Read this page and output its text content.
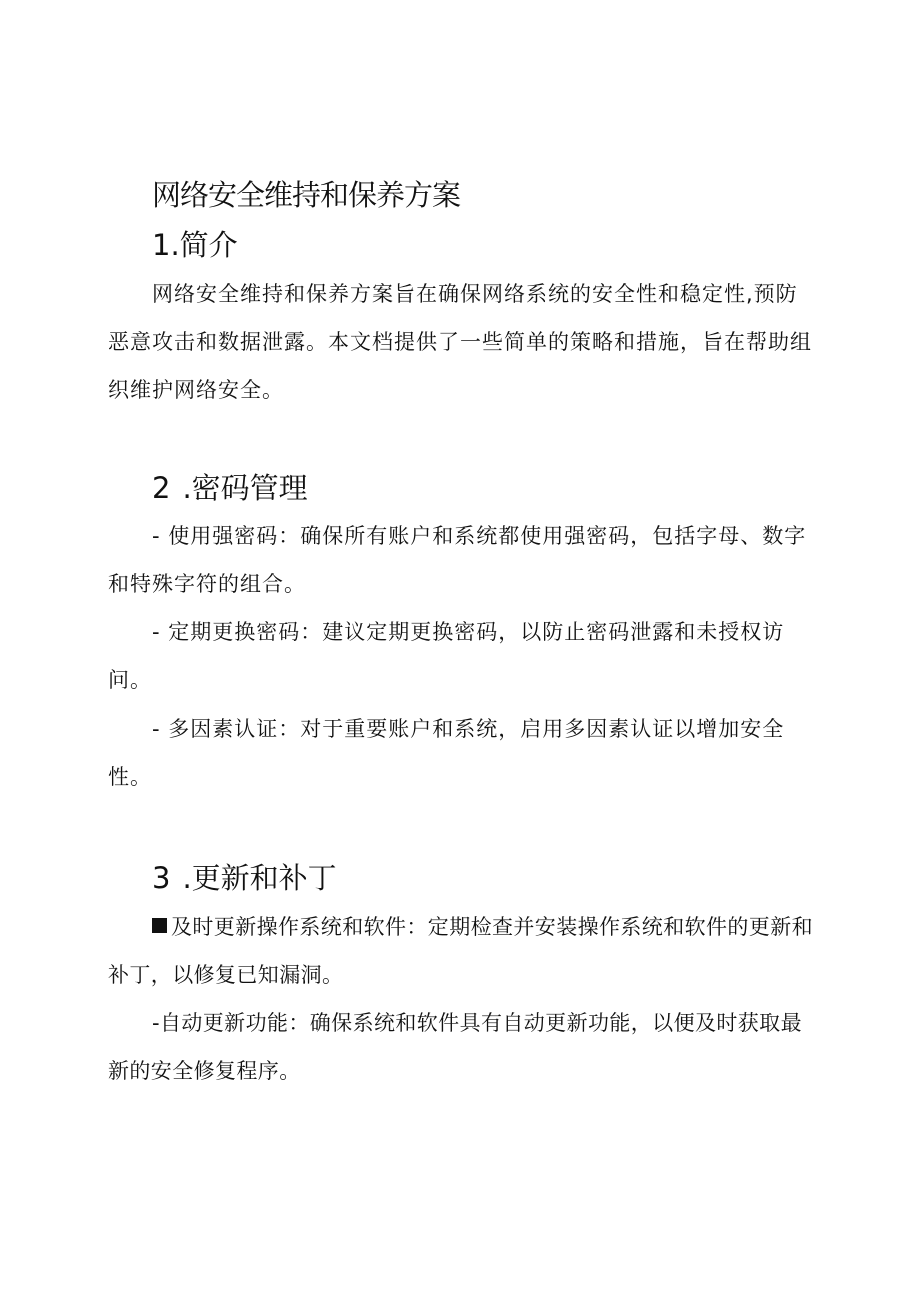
网络安全维持和保养方案
1.简介
网络安全维持和保养方案旨在确保网络系统的安全性和稳定性,预防恶意攻击和数据泄露。本文档提供了一些简单的策略和措施，旨在帮助组织维护网络安全。
2 .密码管理
- 使用强密码：确保所有账户和系统都使用强密码，包括字母、数字和特殊字符的组合。
- 定期更换密码：建议定期更换密码，以防止密码泄露和未授权访问。
- 多因素认证：对于重要账户和系统，启用多因素认证以增加安全性。
3 .更新和补丁
及时更新操作系统和软件：定期检查并安装操作系统和软件的更新和补丁，以修复已知漏洞。
-自动更新功能：确保系统和软件具有自动更新功能，以便及时获取最新的安全修复程序。
